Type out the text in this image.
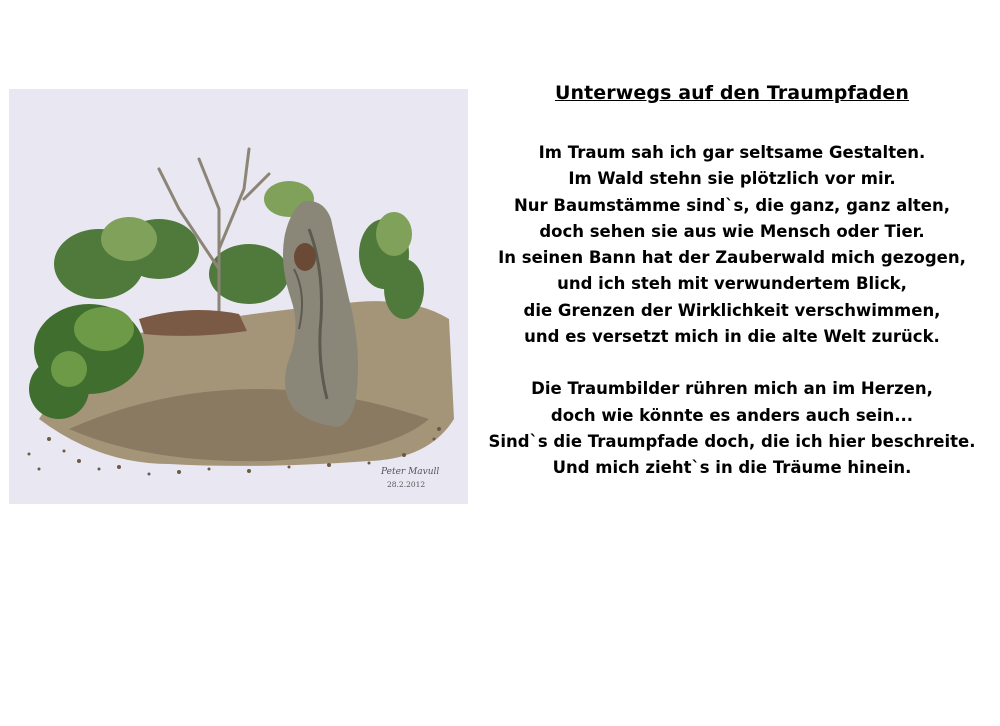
Peter Mavull
28.2.2012
Unterwegs auf den Traumpfaden
Im Traum sah ich gar seltsame Gestalten.
Im Wald stehn sie plötzlich vor mir.
Nur Baumstämme sind`s, die ganz, ganz alten,
doch sehen sie aus wie Mensch oder Tier.
In seinen Bann hat der Zauberwald mich gezogen,
und ich steh mit verwundertem Blick,
die Grenzen der Wirklichkeit verschwimmen,
und es versetzt mich in die alte Welt zurück.
Die Traumbilder rühren mich an im Herzen,
doch wie könnte es anders auch sein...
Sind`s die Traumpfade doch, die ich hier beschreite.
Und mich zieht`s in die Träume hinein.
